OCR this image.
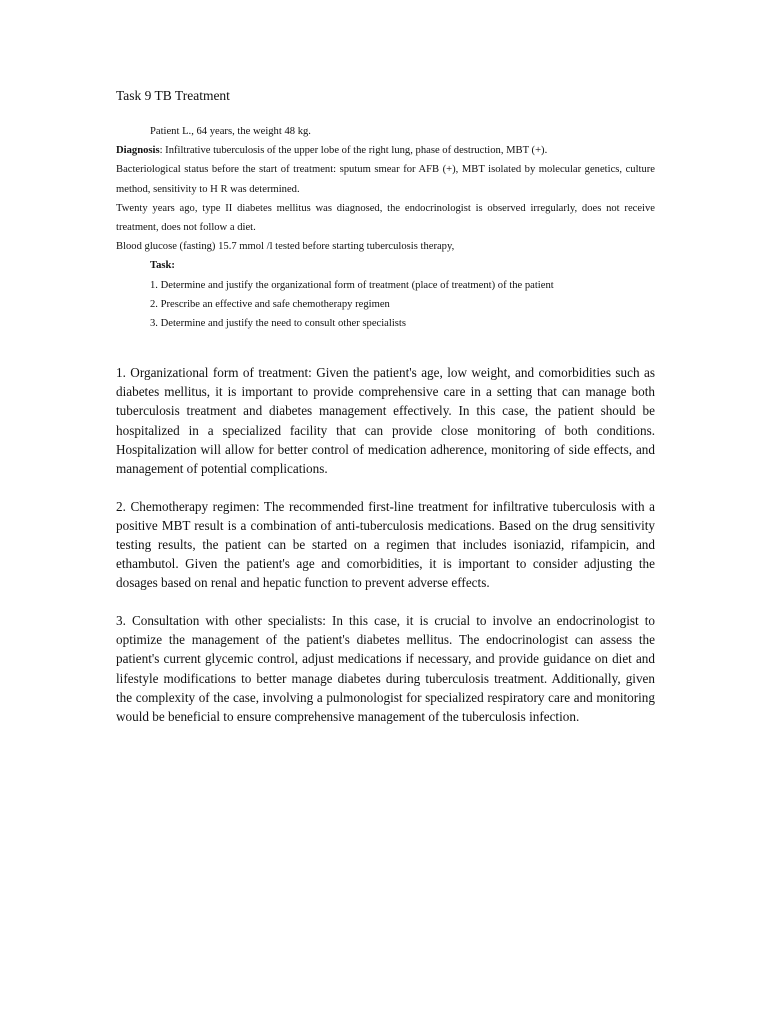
Task 9 TB Treatment

Patient L., 64 years, the weight 48 kg.

Diagnosis: Infiltrative tuberculosis of the upper lobe of the right lung, phase of destruction, MBT (+).

Bacteriological status before the start of treatment: sputum smear for AFB (+), MBT isolated by molecular genetics, culture method, sensitivity to H R was determined.

Twenty years ago, type II diabetes mellitus was diagnosed, the endocrinologist is observed irregularly, does not receive treatment, does not follow a diet.

Blood glucose (fasting) 15.7 mmol /l tested before starting tuberculosis therapy,

Task:

1. Determine and justify the organizational form of treatment (place of treatment) of the patient

2. Prescribe an effective and safe chemotherapy regimen

3. Determine and justify the need to consult other specialists

1. Organizational form of treatment: Given the patient's age, low weight, and comorbidities such as diabetes mellitus, it is important to provide comprehensive care in a setting that can manage both tuberculosis treatment and diabetes management effectively. In this case, the patient should be hospitalized in a specialized facility that can provide close monitoring of both conditions. Hospitalization will allow for better control of medication adherence, monitoring of side effects, and management of potential complications.

2. Chemotherapy regimen: The recommended first-line treatment for infiltrative tuberculosis with a positive MBT result is a combination of anti-tuberculosis medications. Based on the drug sensitivity testing results, the patient can be started on a regimen that includes isoniazid, rifampicin, and ethambutol. Given the patient's age and comorbidities, it is important to consider adjusting the dosages based on renal and hepatic function to prevent adverse effects.

3. Consultation with other specialists: In this case, it is crucial to involve an endocrinologist to optimize the management of the patient's diabetes mellitus. The endocrinologist can assess the patient's current glycemic control, adjust medications if necessary, and provide guidance on diet and lifestyle modifications to better manage diabetes during tuberculosis treatment. Additionally, given the complexity of the case, involving a pulmonologist for specialized respiratory care and monitoring would be beneficial to ensure comprehensive management of the tuberculosis infection.
